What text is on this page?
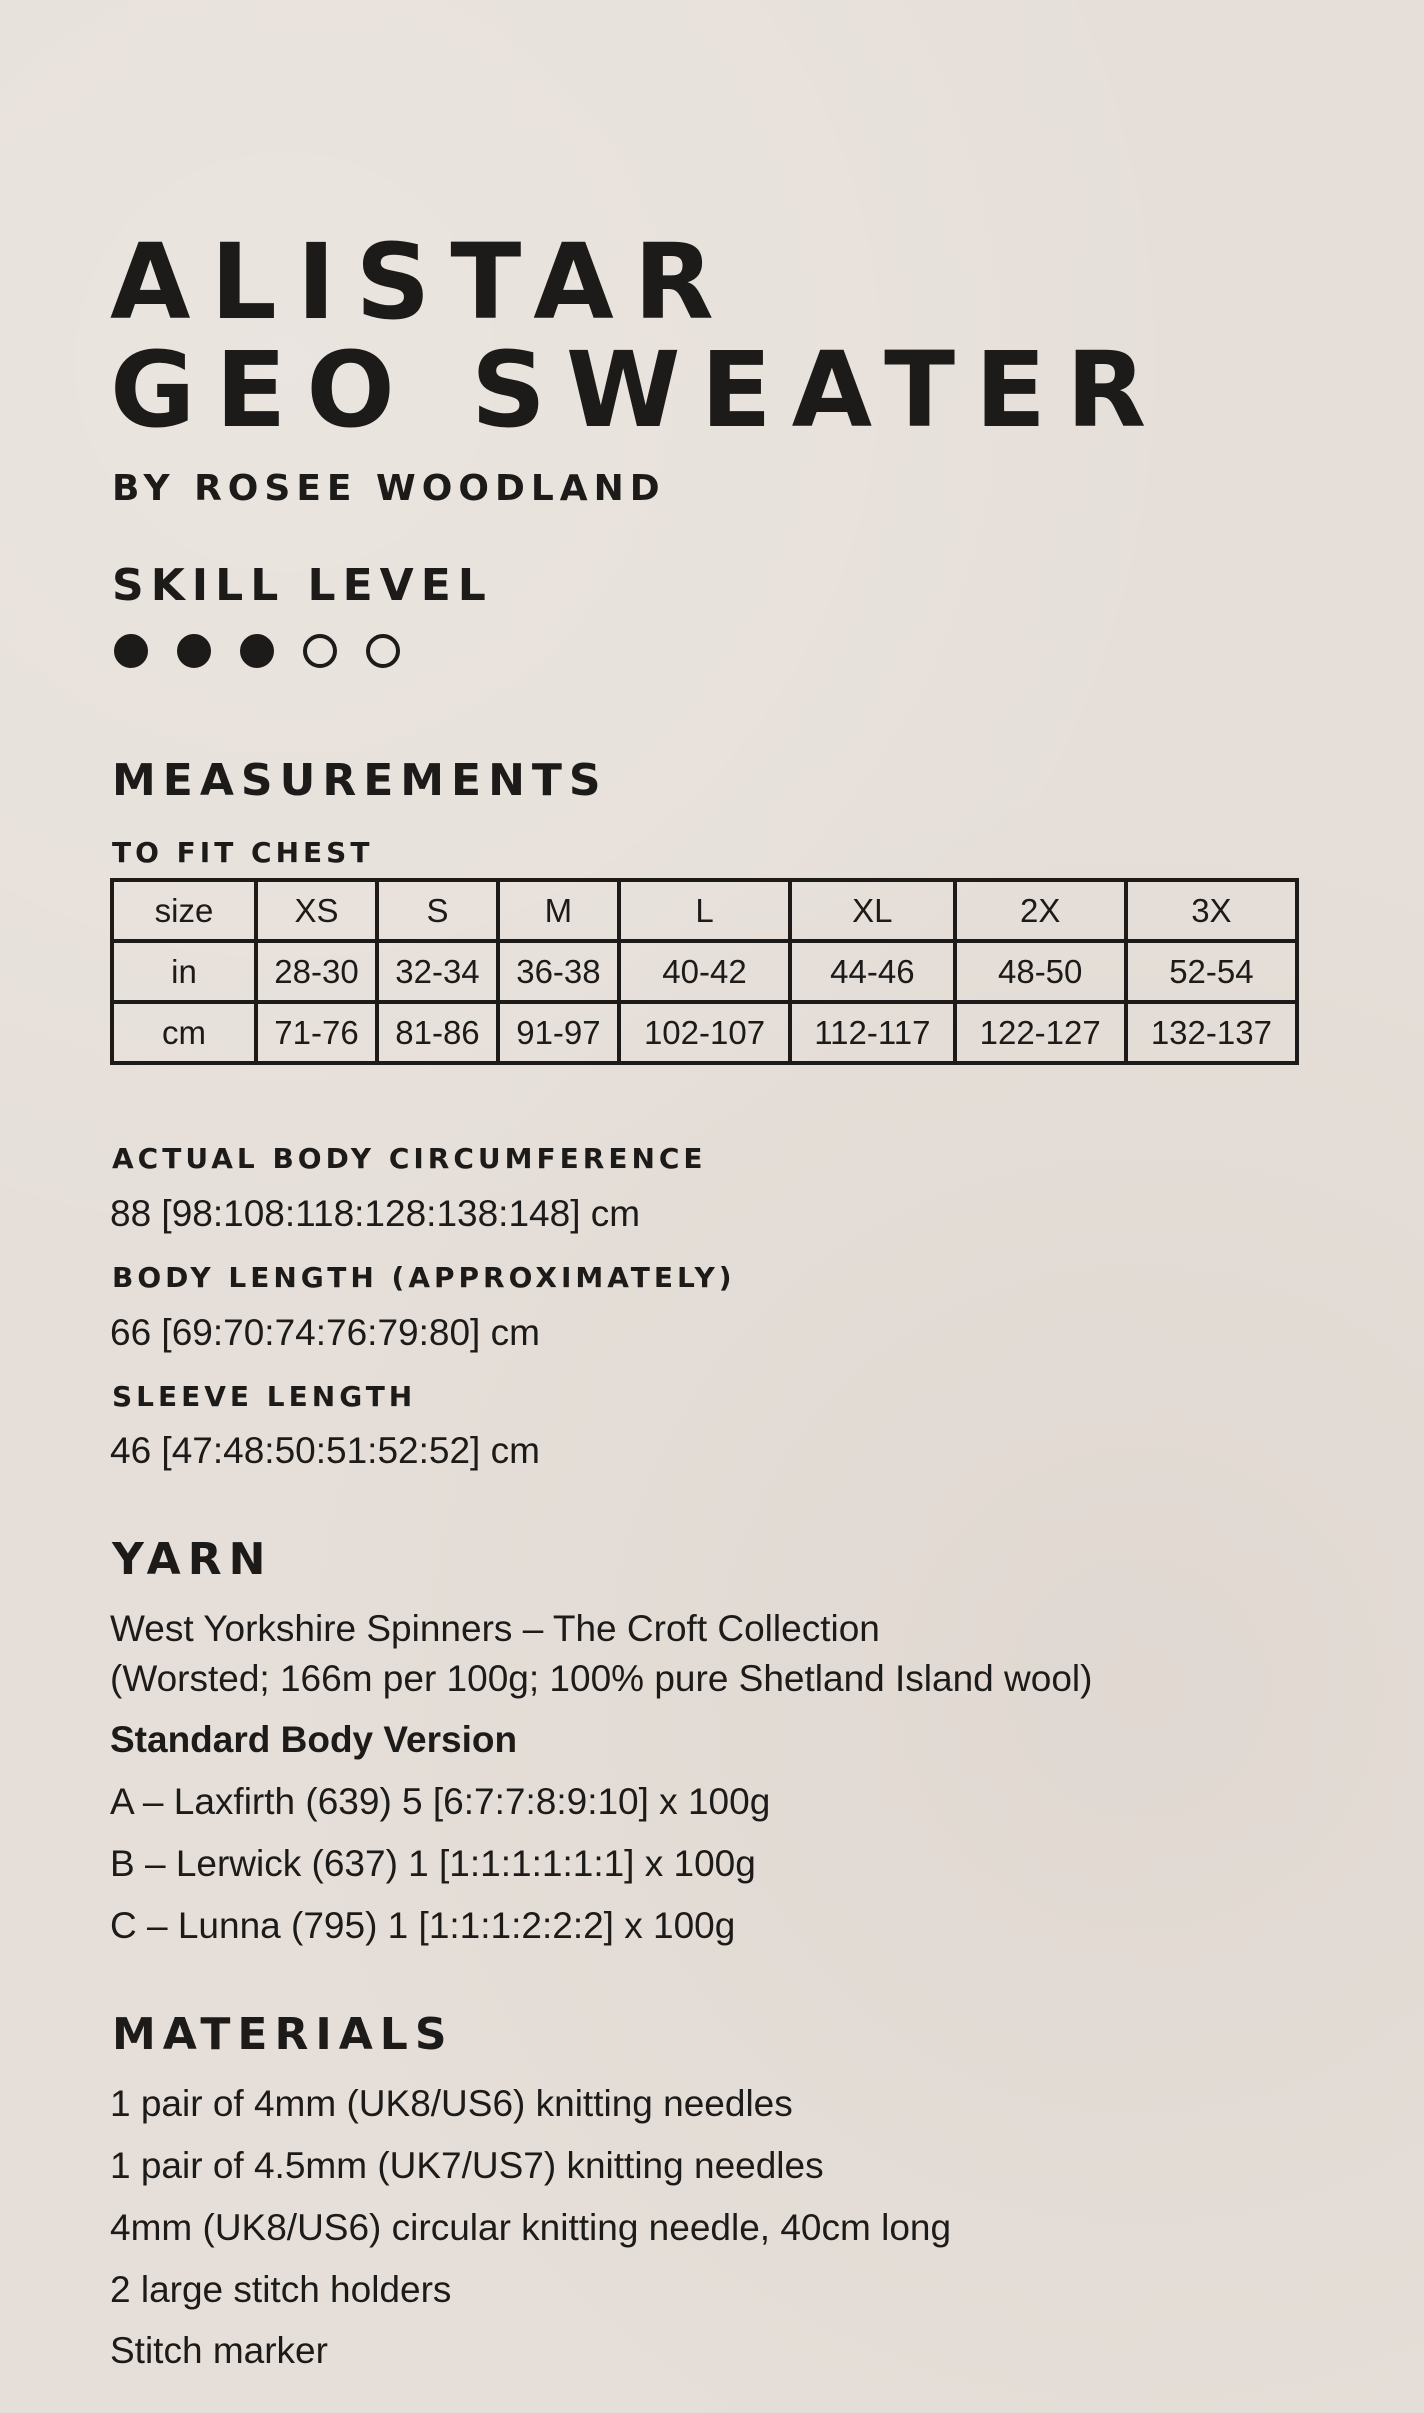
ALISTAR
GEO SWEATER
BY ROSEE WOODLAND
SKILL LEVEL
MEASUREMENTS
TO FIT CHEST
size	XS	S	M	L	XL	2X	3X
in	28-30	32-34	36-38	40-42	44-46	48-50	52-54
cm	71-76	81-86	91-97	102-107	112-117	122-127	132-137
ACTUAL BODY CIRCUMFERENCE
88 [98:108:118:128:138:148] cm
BODY LENGTH (APPROXIMATELY)
66 [69:70:74:76:79:80] cm
SLEEVE LENGTH
46 [47:48:50:51:52:52] cm
YARN
West Yorkshire Spinners – The Croft Collection
(Worsted; 166m per 100g; 100% pure Shetland Island wool)
Standard Body Version
A – Laxfirth (639) 5 [6:7:7:8:9:10] x 100g
B – Lerwick (637) 1 [1:1:1:1:1:1] x 100g
C – Lunna (795) 1 [1:1:1:2:2:2] x 100g
MATERIALS
1 pair of 4mm (UK8/US6) knitting needles
1 pair of 4.5mm (UK7/US7) knitting needles
4mm (UK8/US6) circular knitting needle, 40cm long
2 large stitch holders
Stitch marker
